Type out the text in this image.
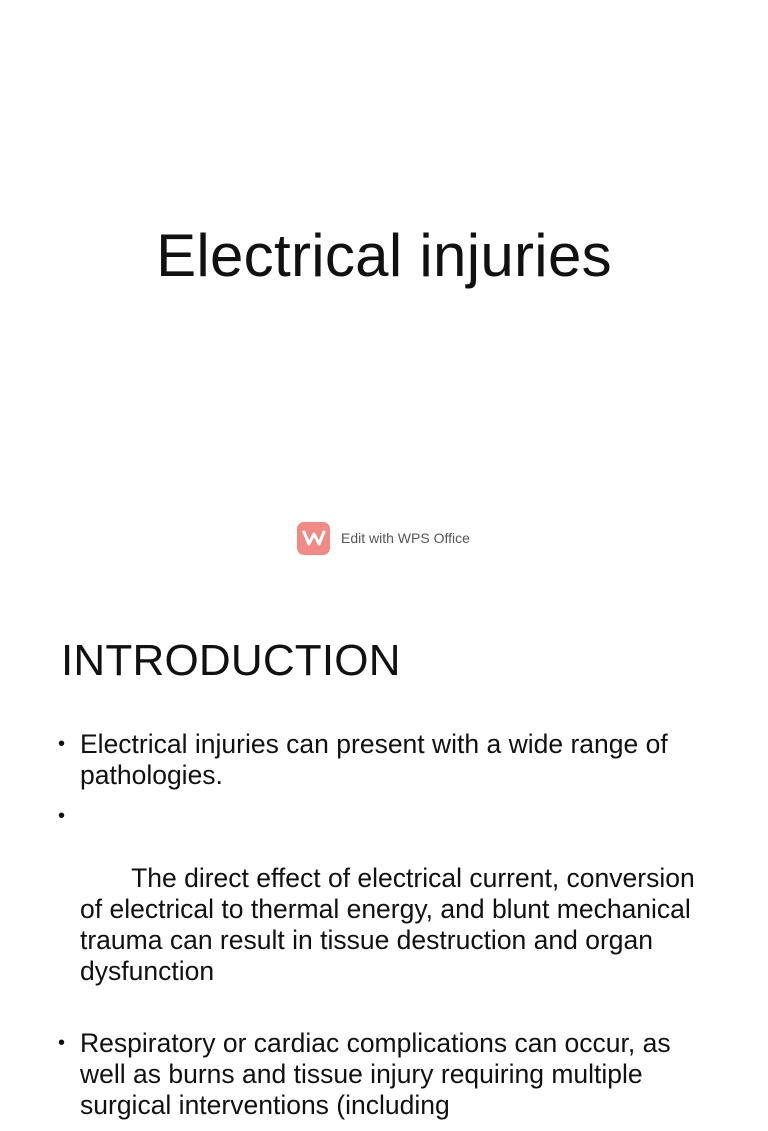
Electrical injuries
Edit with WPS Office
INTRODUCTION
• Electrical injuries can present with a wide range of pathologies.

•

The direct effect of electrical current, conversion of electrical to thermal energy, and blunt mechanical trauma can result in tissue destruction and organ dysfunction

• Respiratory or cardiac complications can occur, as well as burns and tissue injury requiring multiple surgical interventions (including
